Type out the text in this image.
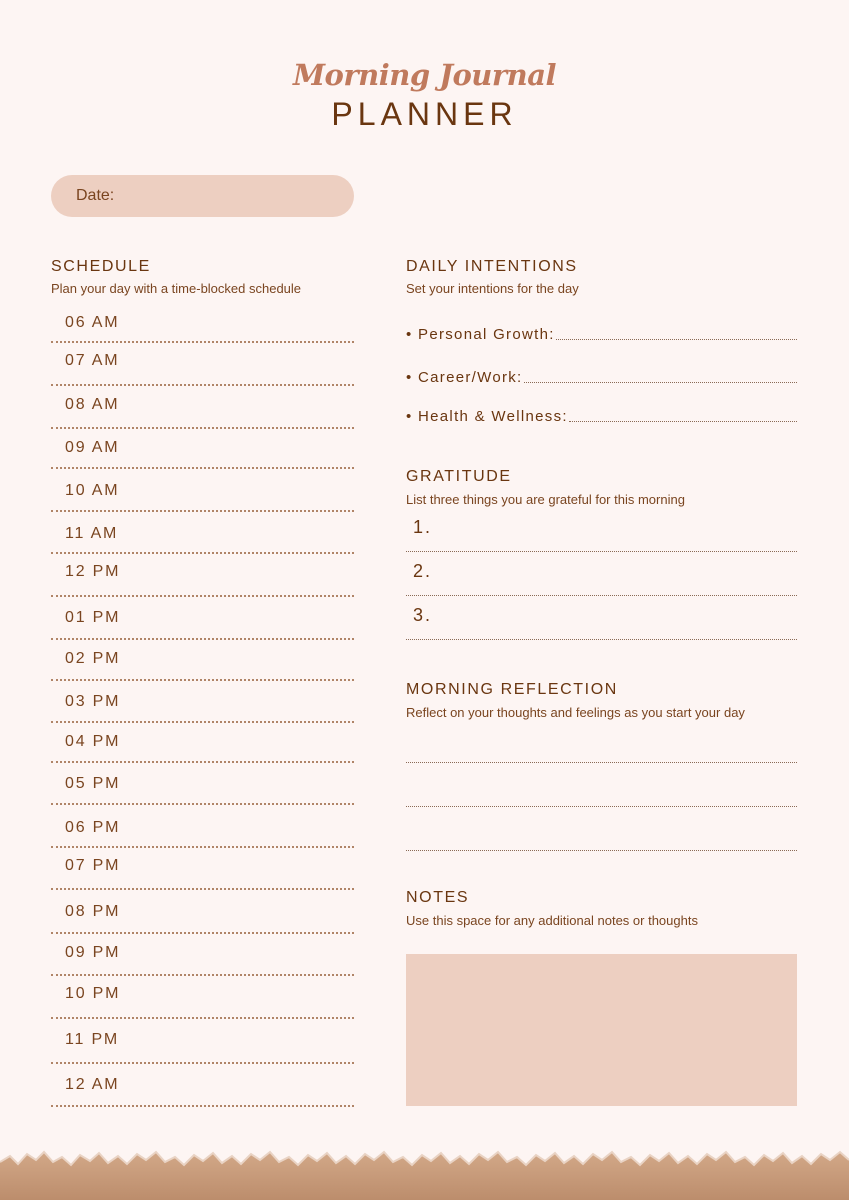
Morning Journal
PLANNER
Date:
SCHEDULE
Plan your day with a time-blocked schedule
06 AM
07 AM
08 AM
09 AM
10 AM
11 AM
12 PM
01 PM
02 PM
03 PM
04 PM
05 PM
06 PM
07 PM
08 PM
09 PM
10 PM
11 PM
12 AM
DAILY INTENTIONS
Set your intentions for the day
• Personal Growth:
• Career/Work:
• Health & Wellness:
GRATITUDE
List three things you are grateful for this morning
1.
2.
3.
MORNING REFLECTION
Reflect on your thoughts and feelings as you start your day
NOTES
Use this space for any additional notes or thoughts
